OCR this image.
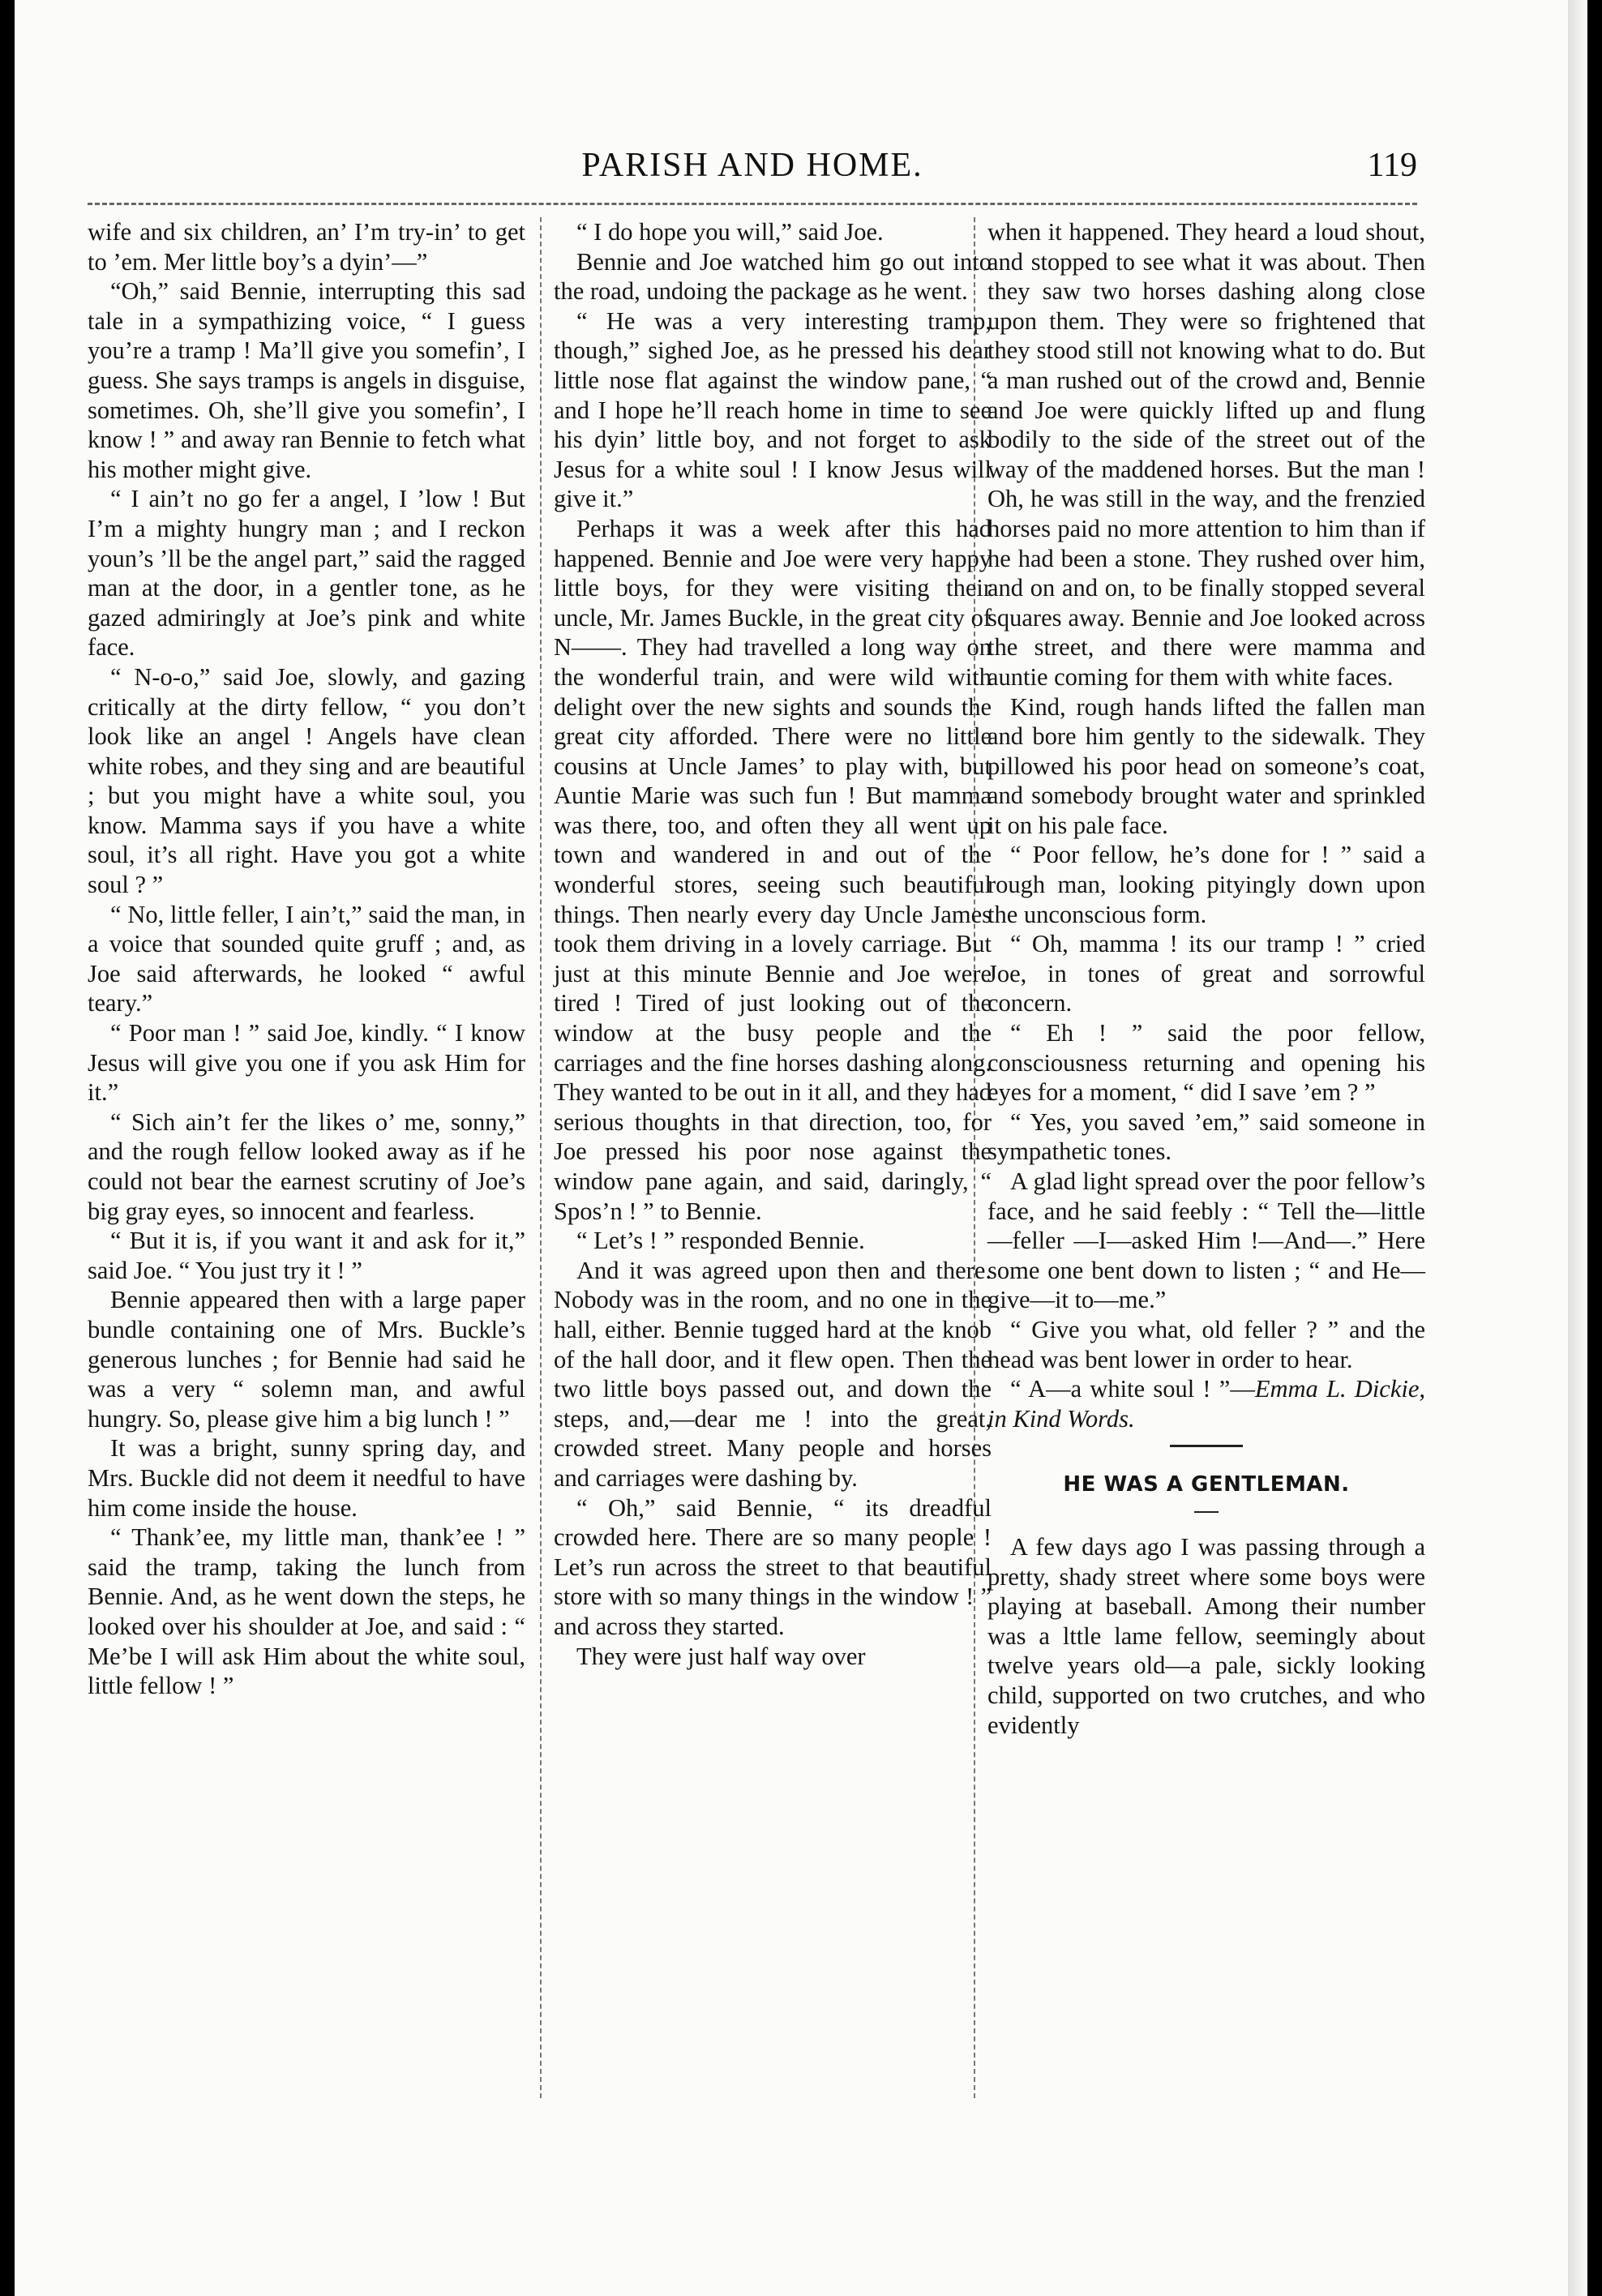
PARISH AND HOME.	119

wife and six children, an’ I’m try-in’ to get to ’em. Mer little boy’s a dyin’—”

“Oh,” said Bennie, interrupting this sad tale in a sympathizing voice, “ I guess you’re a tramp ! Ma’ll give you somefin’, I guess. She says tramps is angels in disguise, sometimes. Oh, she’ll give you somefin’, I know ! ” and away ran Bennie to fetch what his mother might give.

“ I ain’t no go fer a angel, I ’low ! But I’m a mighty hungry man ; and I reckon youn’s ’ll be the angel part,” said the ragged man at the door, in a gentler tone, as he gazed admiringly at Joe’s pink and white face.

“ N-o-o,” said Joe, slowly, and gazing critically at the dirty fellow, “ you don’t look like an angel ! Angels have clean white robes, and they sing and are beautiful ; but you might have a white soul, you know. Mamma says if you have a white soul, it’s all right. Have you got a white soul ? ”

“ No, little feller, I ain’t,” said the man, in a voice that sounded quite gruff ; and, as Joe said afterwards, he looked “ awful teary.”

“ Poor man ! ” said Joe, kindly. “ I know Jesus will give you one if you ask Him for it.”

“ Sich ain’t fer the likes o’ me, sonny,” and the rough fellow looked away as if he could not bear the earnest scrutiny of Joe’s big gray eyes, so innocent and fearless.

“ But it is, if you want it and ask for it,” said Joe. “ You just try it ! ”

Bennie appeared then with a large paper bundle containing one of Mrs. Buckle’s generous lunches ; for Bennie had said he was a very “ solemn man, and awful hungry. So, please give him a big lunch ! ”

It was a bright, sunny spring day, and Mrs. Buckle did not deem it needful to have him come inside the house.

“ Thank’ee, my little man, thank’ee ! ” said the tramp, taking the lunch from Bennie. And, as he went down the steps, he looked over his shoulder at Joe, and said : “ Me’be I will ask Him about the white soul, little fellow ! ”

“ I do hope you will,” said Joe.

Bennie and Joe watched him go out into the road, undoing the package as he went.

“ He was a very interesting tramp, though,” sighed Joe, as he pressed his dear little nose flat against the window pane, “ and I hope he’ll reach home in time to see his dyin’ little boy, and not forget to ask Jesus for a white soul ! I know Jesus will give it.”

Perhaps it was a week after this had happened. Bennie and Joe were very happy little boys, for they were visiting their uncle, Mr. James Buckle, in the great city of N——. They had travelled a long way on the wonderful train, and were wild with delight over the new sights and sounds the great city afforded. There were no little cousins at Uncle James’ to play with, but Auntie Marie was such fun ! But mamma was there, too, and often they all went up town and wandered in and out of the wonderful stores, seeing such beautiful things. Then nearly every day Uncle James took them driving in a lovely carriage. But just at this minute Bennie and Joe were tired ! Tired of just looking out of the window at the busy people and the carriages and the fine horses dashing along. They wanted to be out in it all, and they had serious thoughts in that direction, too, for Joe pressed his poor nose against the window pane again, and said, daringly, “ Spos’n ! ” to Bennie.

“ Let’s ! ” responded Bennie.

And it was agreed upon then and there. Nobody was in the room, and no one in the hall, either. Bennie tugged hard at the knob of the hall door, and it flew open. Then the two little boys passed out, and down the steps, and,—dear me ! into the great, crowded street. Many people and horses and carriages were dashing by.

“ Oh,” said Bennie, “ its dreadful crowded here. There are so many people ! Let’s run across the street to that beautiful store with so many things in the window ! ” and across they started.

They were just half way over

when it happened. They heard a loud shout, and stopped to see what it was about. Then they saw two horses dashing along close upon them. They were so frightened that they stood still not knowing what to do. But a man rushed out of the crowd and, Bennie and Joe were quickly lifted up and flung bodily to the side of the street out of the way of the maddened horses. But the man ! Oh, he was still in the way, and the frenzied horses paid no more attention to him than if he had been a stone. They rushed over him, and on and on, to be finally stopped several squares away. Bennie and Joe looked across the street, and there were mamma and auntie coming for them with white faces.

Kind, rough hands lifted the fallen man and bore him gently to the sidewalk. They pillowed his poor head on someone’s coat, and somebody brought water and sprinkled it on his pale face.

“ Poor fellow, he’s done for ! ” said a rough man, looking pityingly down upon the unconscious form.

“ Oh, mamma ! its our tramp ! ” cried Joe, in tones of great and sorrowful concern.

“ Eh ! ” said the poor fellow, consciousness returning and opening his eyes for a moment, “ did I save ’em ? ”

“ Yes, you saved ’em,” said someone in sympathetic tones.

A glad light spread over the poor fellow’s face, and he said feebly : “ Tell the—little—feller —I—asked Him !—And—.” Here some one bent down to listen ; “ and He—give—it to—me.”

“ Give you what, old feller ? ” and the head was bent lower in order to hear.

“ A—a white soul ! ”—Emma L. Dickie, in Kind Words.

HE WAS A GENTLEMAN.

A few days ago I was passing through a pretty, shady street where some boys were playing at baseball. Among their number was a lttle lame fellow, seemingly about twelve years old—a pale, sickly looking child, supported on two crutches, and who evidently
